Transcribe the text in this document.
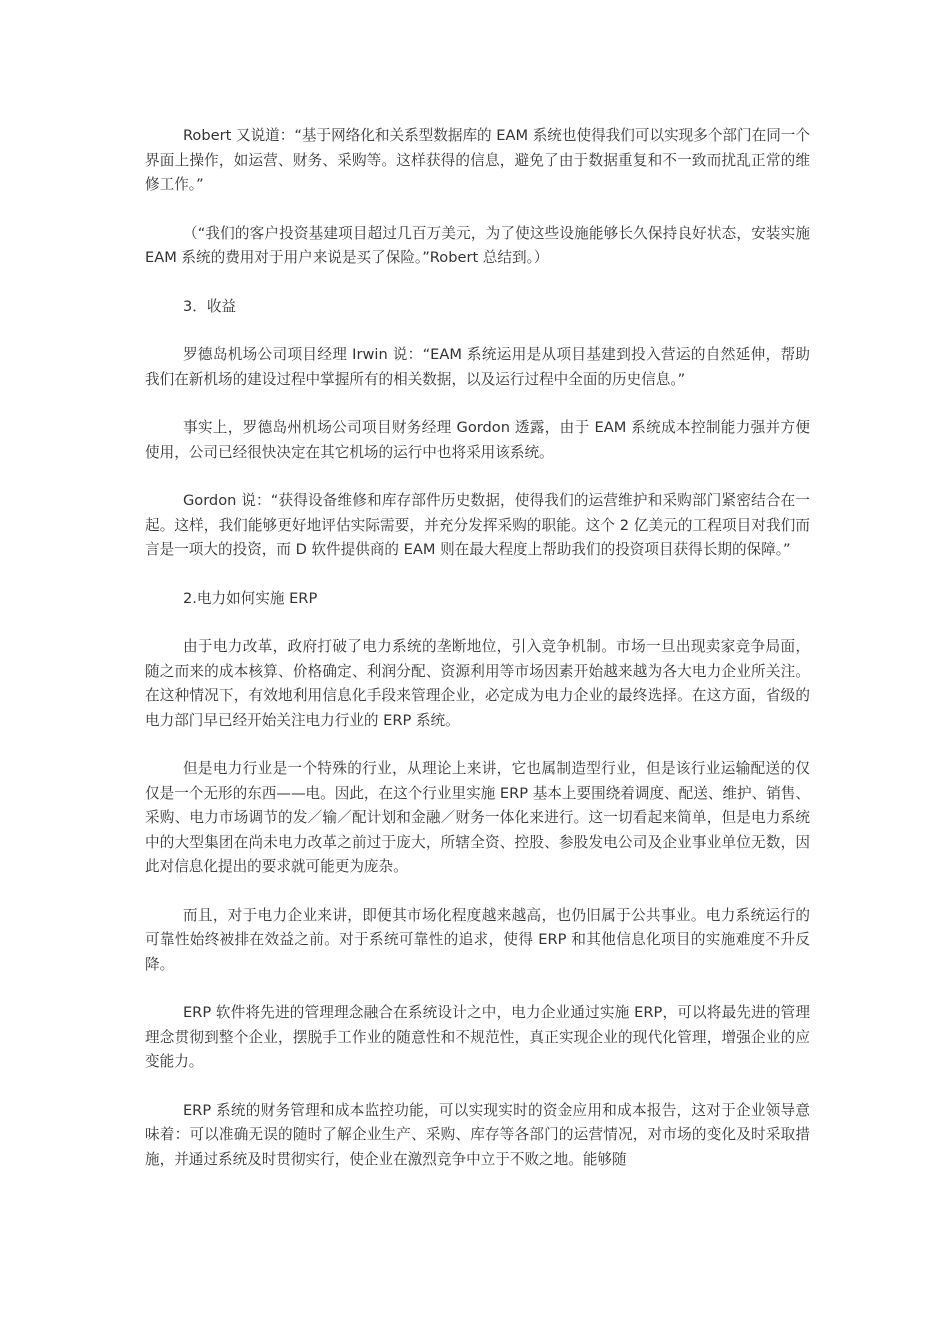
Robert 又说道：“基于网络化和关系型数据库的 EAM 系统也使得我们可以实现多个部门在同一个界面上操作，如运营、财务、采购等。这样获得的信息，避免了由于数据重复和不一致而扰乱正常的维修工作。”

（“我们的客户投资基建项目超过几百万美元，为了使这些设施能够长久保持良好状态，安装实施 EAM 系统的费用对于用户来说是买了保险。”Robert 总结到。）

3．收益

罗德岛机场公司项目经理 Irwin 说：“EAM 系统运用是从项目基建到投入营运的自然延伸，帮助我们在新机场的建设过程中掌握所有的相关数据，以及运行过程中全面的历史信息。”

事实上，罗德岛州机场公司项目财务经理 Gordon 透露，由于 EAM 系统成本控制能力强并方便使用，公司已经很快决定在其它机场的运行中也将采用该系统。

Gordon 说：“获得设备维修和库存部件历史数据，使得我们的运营维护和采购部门紧密结合在一起。这样，我们能够更好地评估实际需要，并充分发挥采购的职能。这个 2 亿美元的工程项目对我们而言是一项大的投资，而 D 软件提供商的 EAM 则在最大程度上帮助我们的投资项目获得长期的保障。”

2.电力如何实施 ERP

由于电力改革，政府打破了电力系统的垄断地位，引入竞争机制。市场一旦出现卖家竞争局面，随之而来的成本核算、价格确定、利润分配、资源利用等市场因素开始越来越为各大电力企业所关注。在这种情况下，有效地利用信息化手段来管理企业，必定成为电力企业的最终选择。在这方面，省级的电力部门早已经开始关注电力行业的 ERP 系统。

但是电力行业是一个特殊的行业，从理论上来讲，它也属制造型行业，但是该行业运输配送的仅仅是一个无形的东西——电。因此，在这个行业里实施 ERP 基本上要围绕着调度、配送、维护、销售、采购、电力市场调节的发／输／配计划和金融／财务一体化来进行。这一切看起来简单，但是电力系统中的大型集团在尚未电力改革之前过于庞大，所辖全资、控股、参股发电公司及企业事业单位无数，因此对信息化提出的要求就可能更为庞杂。

而且，对于电力企业来讲，即便其市场化程度越来越高，也仍旧属于公共事业。电力系统运行的可靠性始终被排在效益之前。对于系统可靠性的追求，使得 ERP 和其他信息化项目的实施难度不升反降。

ERP 软件将先进的管理理念融合在系统设计之中，电力企业通过实施 ERP，可以将最先进的管理理念贯彻到整个企业，摆脱手工作业的随意性和不规范性，真正实现企业的现代化管理，增强企业的应变能力。

ERP 系统的财务管理和成本监控功能，可以实现实时的资金应用和成本报告，这对于企业领导意味着：可以准确无误的随时了解企业生产、采购、库存等各部门的运营情况，对市场的变化及时采取措施，并通过系统及时贯彻实行，使企业在激烈竞争中立于不败之地。能够随
